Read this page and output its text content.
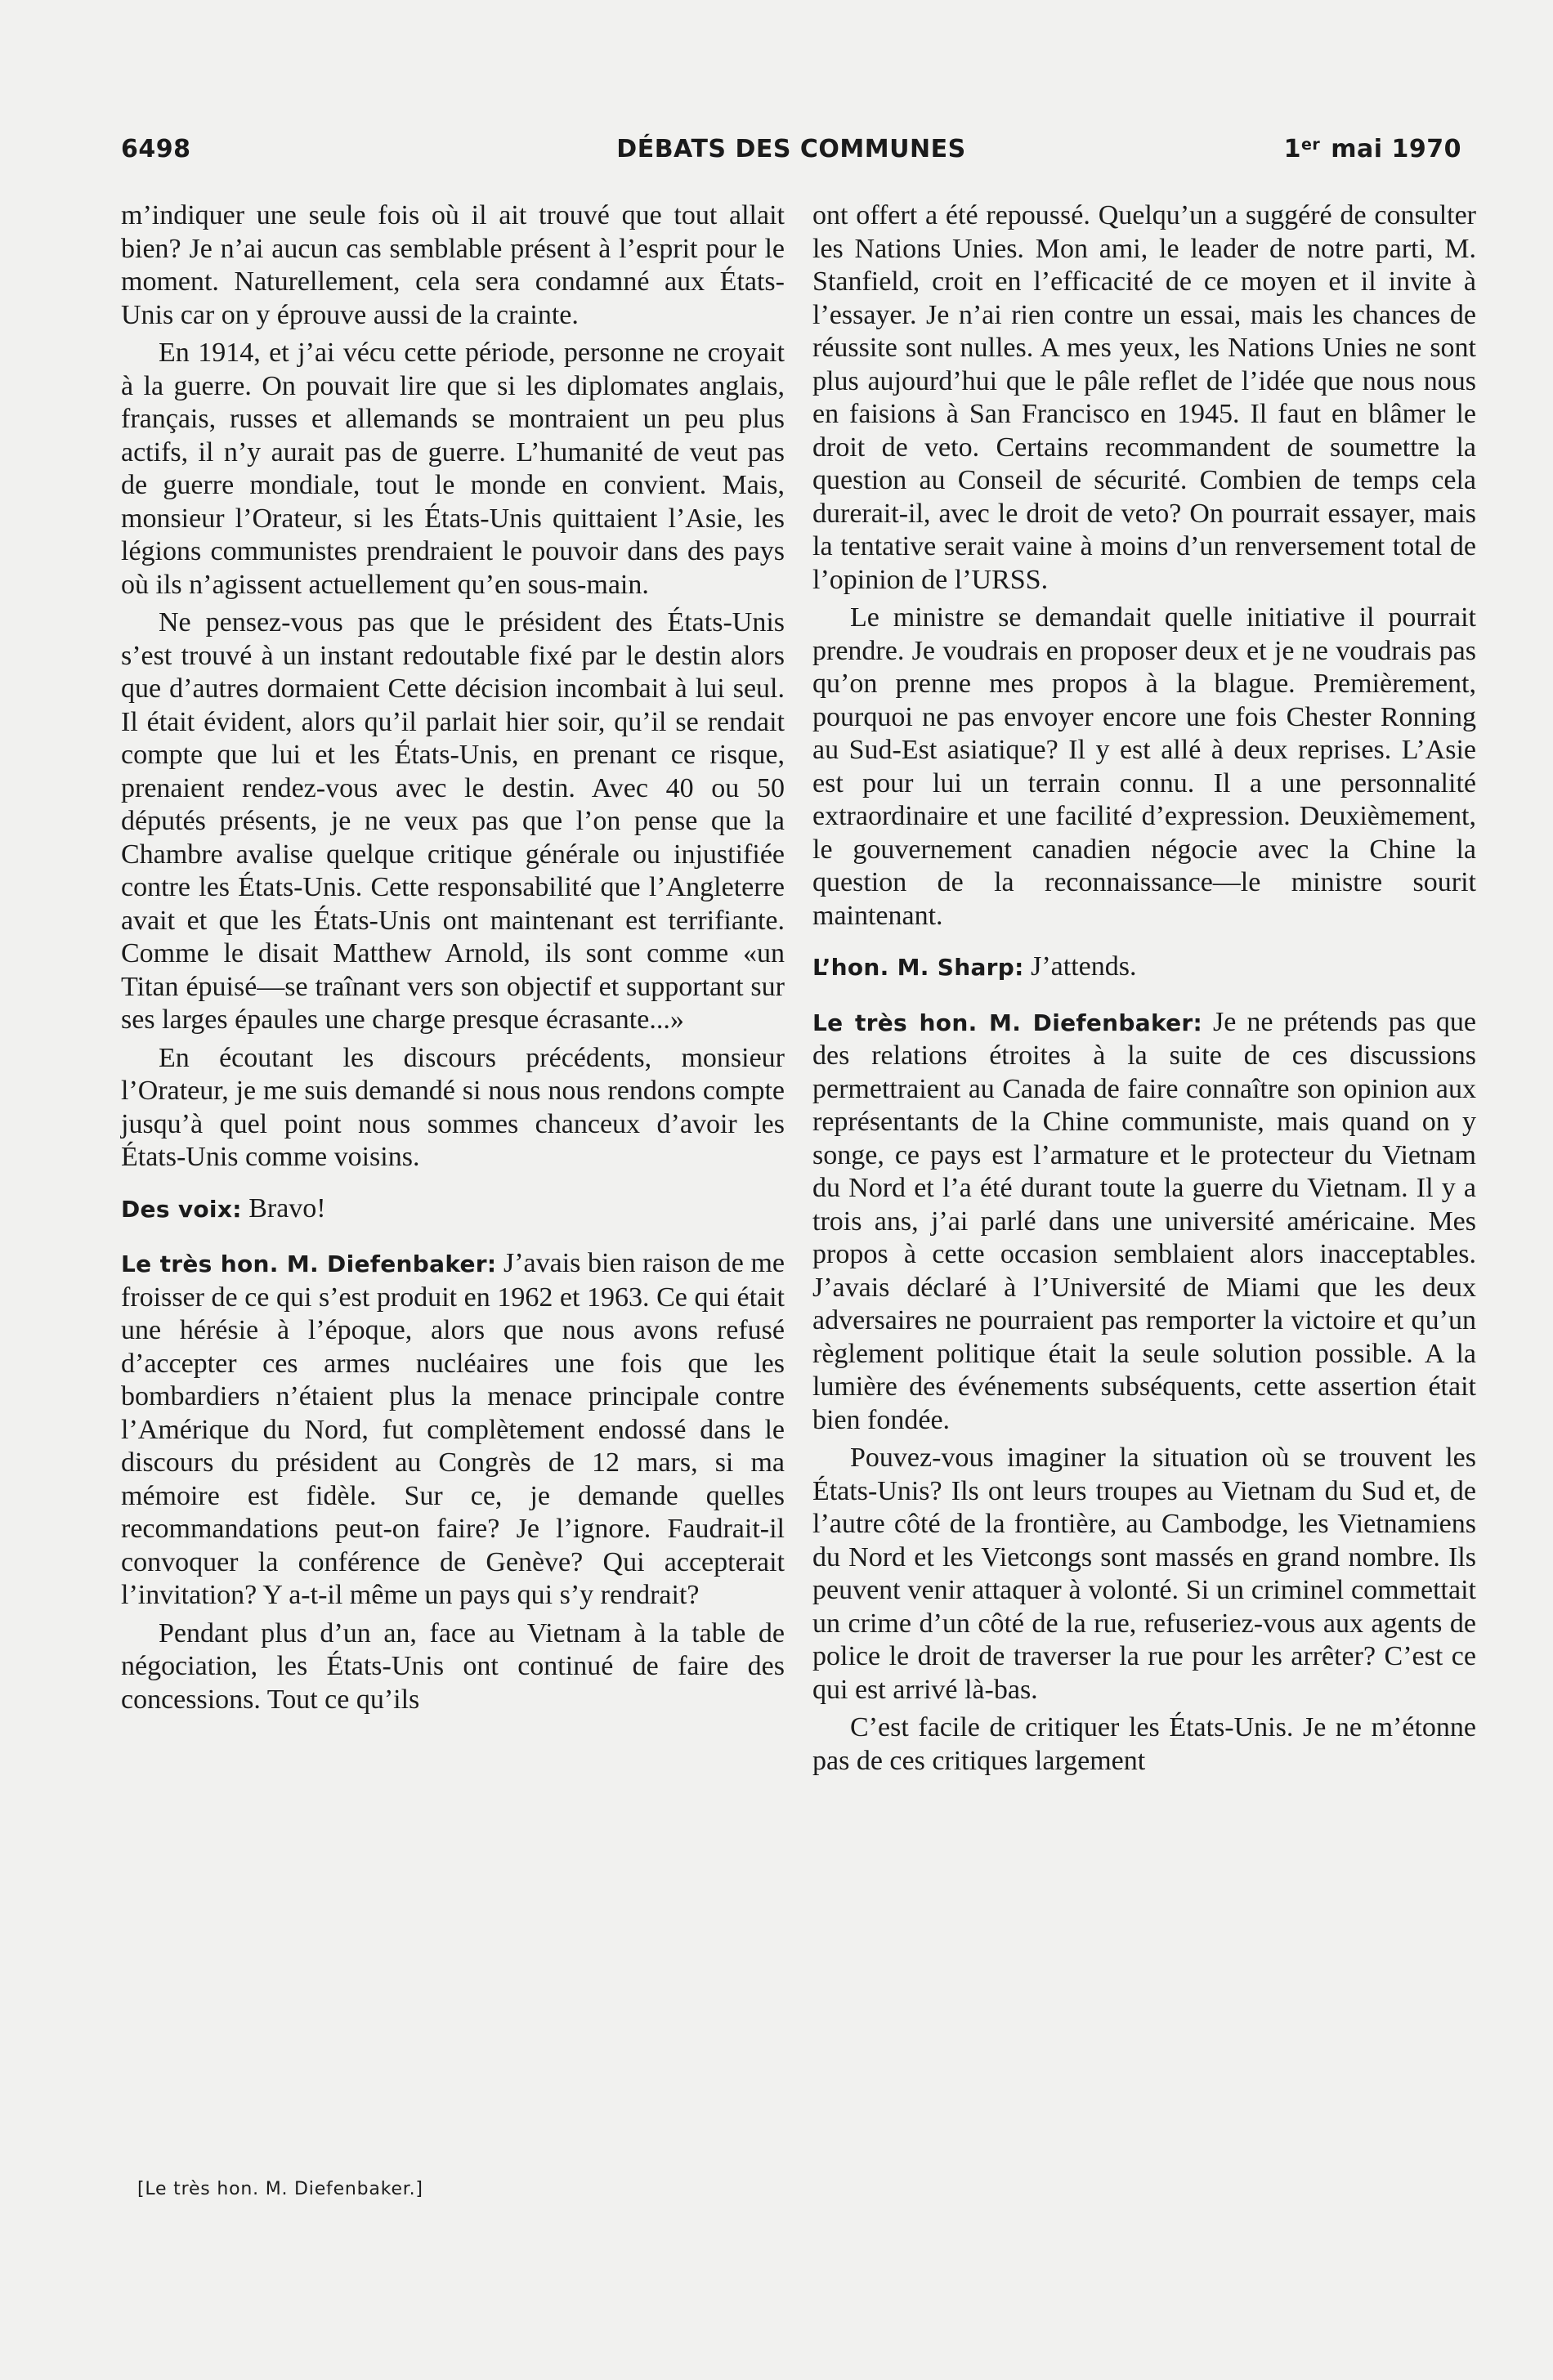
6498	DÉBATS DES COMMUNES	1er mai 1970

m’indiquer une seule fois où il ait trouvé que tout allait bien? Je n’ai aucun cas semblable présent à l’esprit pour le moment. Naturellement, cela sera condamné aux États-Unis car on y éprouve aussi de la crainte.

En 1914, et j’ai vécu cette période, personne ne croyait à la guerre. On pouvait lire que si les diplomates anglais, français, russes et allemands se montraient un peu plus actifs, il n’y aurait pas de guerre. L’humanité de veut pas de guerre mondiale, tout le monde en convient. Mais, monsieur l’Orateur, si les États-Unis quittaient l’Asie, les légions communistes prendraient le pouvoir dans des pays où ils n’agissent actuellement qu’en sous-main.

Ne pensez-vous pas que le président des États-Unis s’est trouvé à un instant redoutable fixé par le destin alors que d’autres dormaient Cette décision incombait à lui seul. Il était évident, alors qu’il parlait hier soir, qu’il se rendait compte que lui et les États-Unis, en prenant ce risque, prenaient rendez-vous avec le destin. Avec 40 ou 50 députés présents, je ne veux pas que l’on pense que la Chambre avalise quelque critique générale ou injustifiée contre les États-Unis. Cette responsabilité que l’Angleterre avait et que les États-Unis ont maintenant est terrifiante. Comme le disait Matthew Arnold, ils sont comme «un Titan épuisé—se traînant vers son objectif et supportant sur ses larges épaules une charge presque écrasante...»

En écoutant les discours précédents, monsieur l’Orateur, je me suis demandé si nous nous rendons compte jusqu’à quel point nous sommes chanceux d’avoir les États-Unis comme voisins.

Des voix: Bravo!

Le très hon. M. Diefenbaker: J’avais bien raison de me froisser de ce qui s’est produit en 1962 et 1963. Ce qui était une hérésie à l’époque, alors que nous avons refusé d’accepter ces armes nucléaires une fois que les bombardiers n’étaient plus la menace principale contre l’Amérique du Nord, fut complètement endossé dans le discours du président au Congrès de 12 mars, si ma mémoire est fidèle. Sur ce, je demande quelles recommandations peut-on faire? Je l’ignore. Faudrait-il convoquer la conférence de Genève? Qui accepterait l’invitation? Y a-t-il même un pays qui s’y rendrait?

Pendant plus d’un an, face au Vietnam à la table de négociation, les États-Unis ont continué de faire des concessions. Tout ce qu’ils

[Le très hon. M. Diefenbaker.]

ont offert a été repoussé. Quelqu’un a suggéré de consulter les Nations Unies. Mon ami, le leader de notre parti, M. Stanfield, croit en l’efficacité de ce moyen et il invite à l’essayer. Je n’ai rien contre un essai, mais les chances de réussite sont nulles. A mes yeux, les Nations Unies ne sont plus aujourd’hui que le pâle reflet de l’idée que nous nous en faisions à San Francisco en 1945. Il faut en blâmer le droit de veto. Certains recommandent de soumettre la question au Conseil de sécurité. Combien de temps cela durerait-il, avec le droit de veto? On pourrait essayer, mais la tentative serait vaine à moins d’un renversement total de l’opinion de l’URSS.

Le ministre se demandait quelle initiative il pourrait prendre. Je voudrais en proposer deux et je ne voudrais pas qu’on prenne mes propos à la blague. Premièrement, pourquoi ne pas envoyer encore une fois Chester Ronning au Sud-Est asiatique? Il y est allé à deux reprises. L’Asie est pour lui un terrain connu. Il a une personnalité extraordinaire et une facilité d’expression. Deuxièmement, le gouvernement canadien négocie avec la Chine la question de la reconnaissance—le ministre sourit maintenant.

L’hon. M. Sharp: J’attends.

Le très hon. M. Diefenbaker: Je ne prétends pas que des relations étroites à la suite de ces discussions permettraient au Canada de faire connaître son opinion aux représentants de la Chine communiste, mais quand on y songe, ce pays est l’armature et le protecteur du Vietnam du Nord et l’a été durant toute la guerre du Vietnam. Il y a trois ans, j’ai parlé dans une université américaine. Mes propos à cette occasion semblaient alors inacceptables. J’avais déclaré à l’Université de Miami que les deux adversaires ne pourraient pas remporter la victoire et qu’un règlement politique était la seule solution possible. A la lumière des événements subséquents, cette assertion était bien fondée.

Pouvez-vous imaginer la situation où se trouvent les États-Unis? Ils ont leurs troupes au Vietnam du Sud et, de l’autre côté de la frontière, au Cambodge, les Vietnamiens du Nord et les Vietcongs sont massés en grand nombre. Ils peuvent venir attaquer à volonté. Si un criminel commettait un crime d’un côté de la rue, refuseriez-vous aux agents de police le droit de traverser la rue pour les arrêter? C’est ce qui est arrivé là-bas.

C’est facile de critiquer les États-Unis. Je ne m’étonne pas de ces critiques largement
